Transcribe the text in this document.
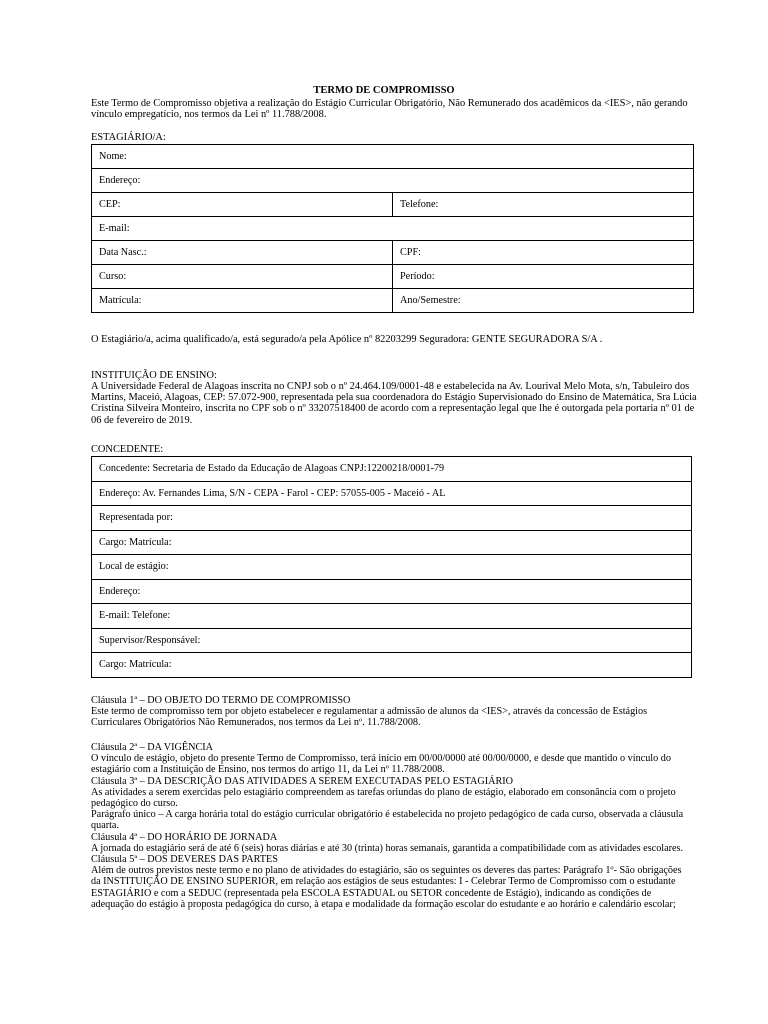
TERMO DE COMPROMISSO
Este Termo de Compromisso objetiva a realização do Estágio Curricular Obrigatório, Não Remunerado dos acadêmicos da <IES>, não gerando vínculo empregatício, nos termos da Lei nº 11.788/2008.
ESTAGIÁRIO/A:
Nome:	
Endereço:	
CEP:	Telefone:
E-mail:	
Data Nasc.:	CPF:
Curso:	Período:
Matrícula:	Ano/Semestre:
O Estagiário/a, acima qualificado/a, está segurado/a pela Apólice nº 82203299 Seguradora: GENTE SEGURADORA S/A .
INSTITUIÇÃO DE ENSINO:
A Universidade Federal de Alagoas inscrita no CNPJ sob o nº 24.464.109/0001-48 e estabelecida na Av. Lourival Melo Mota, s/n, Tabuleiro dos Martins, Maceió, Alagoas, CEP: 57.072-900, representada pela sua coordenadora do Estágio Supervisionado do Ensino de Matemática, Sra Lúcia Cristina Silveira Monteiro, inscrita no CPF sob o nº 33207518400 de acordo com a representação legal que lhe é outorgada pela portaria nº 01 de 06 de fevereiro de 2019.
CONCEDENTE:
Concedente: Secretaria de Estado da Educação de Alagoas CNPJ:12200218/0001-79
Endereço: Av. Fernandes Lima, S/N - CEPA - Farol - CEP: 57055-005 - Maceió - AL
Representada por:
Cargo: Matrícula:
Local de estágio:
Endereço:
E-mail: Telefone:
Supervisor/Responsável:
Cargo: Matrícula:

Cláusula 1ª – DO OBJETO DO TERMO DE COMPROMISSO

Este termo de compromisso tem por objeto estabelecer e regulamentar a admissão de alunos da <IES>, através da concessão de Estágios Curriculares Obrigatórios Não Remunerados, nos termos da Lei nº. 11.788/2008.

Cláusula 2ª – DA VIGÊNCIA

O vínculo de estágio, objeto do presente Termo de Compromisso, terá início em 00/00/0000 até 00/00/0000, e desde que mantido o vínculo do estagiário com a Instituição de Ensino, nos termos do artigo 11, da Lei nº 11.788/2008.

Cláusula 3ª – DA DESCRIÇÃO DAS ATIVIDADES A SEREM EXECUTADAS PELO ESTAGIÁRIO

As atividades a serem exercidas pelo estagiário compreendem as tarefas oriundas do plano de estágio, elaborado em consonância com o projeto pedagógico do curso.

Parágrafo único – A carga horária total do estágio curricular obrigatório é estabelecida no projeto pedagógico de cada curso, observada a cláusula quarta.

Cláusula 4ª – DO HORÁRIO DE JORNADA

A jornada do estagiário será de até 6 (seis) horas diárias e até 30 (trinta) horas semanais, garantida a compatibilidade com as atividades escolares.

Cláusula 5ª – DOS DEVERES DAS PARTES

Além de outros previstos neste termo e no plano de atividades do estagiário, são os seguintes os deveres das partes: Parágrafo 1º- São obrigações da INSTITUIÇÃO DE ENSINO SUPERIOR, em relação aos estágios de seus estudantes: I - Celebrar Termo de Compromisso com o estudante ESTAGIÁRIO e com a SEDUC (representada pela ESCOLA ESTADUAL ou SETOR concedente de Estágio), indicando as condições de adequação do estágio à proposta pedagógica do curso, à etapa e modalidade da formação escolar do estudante e ao horário e calendário escolar;
